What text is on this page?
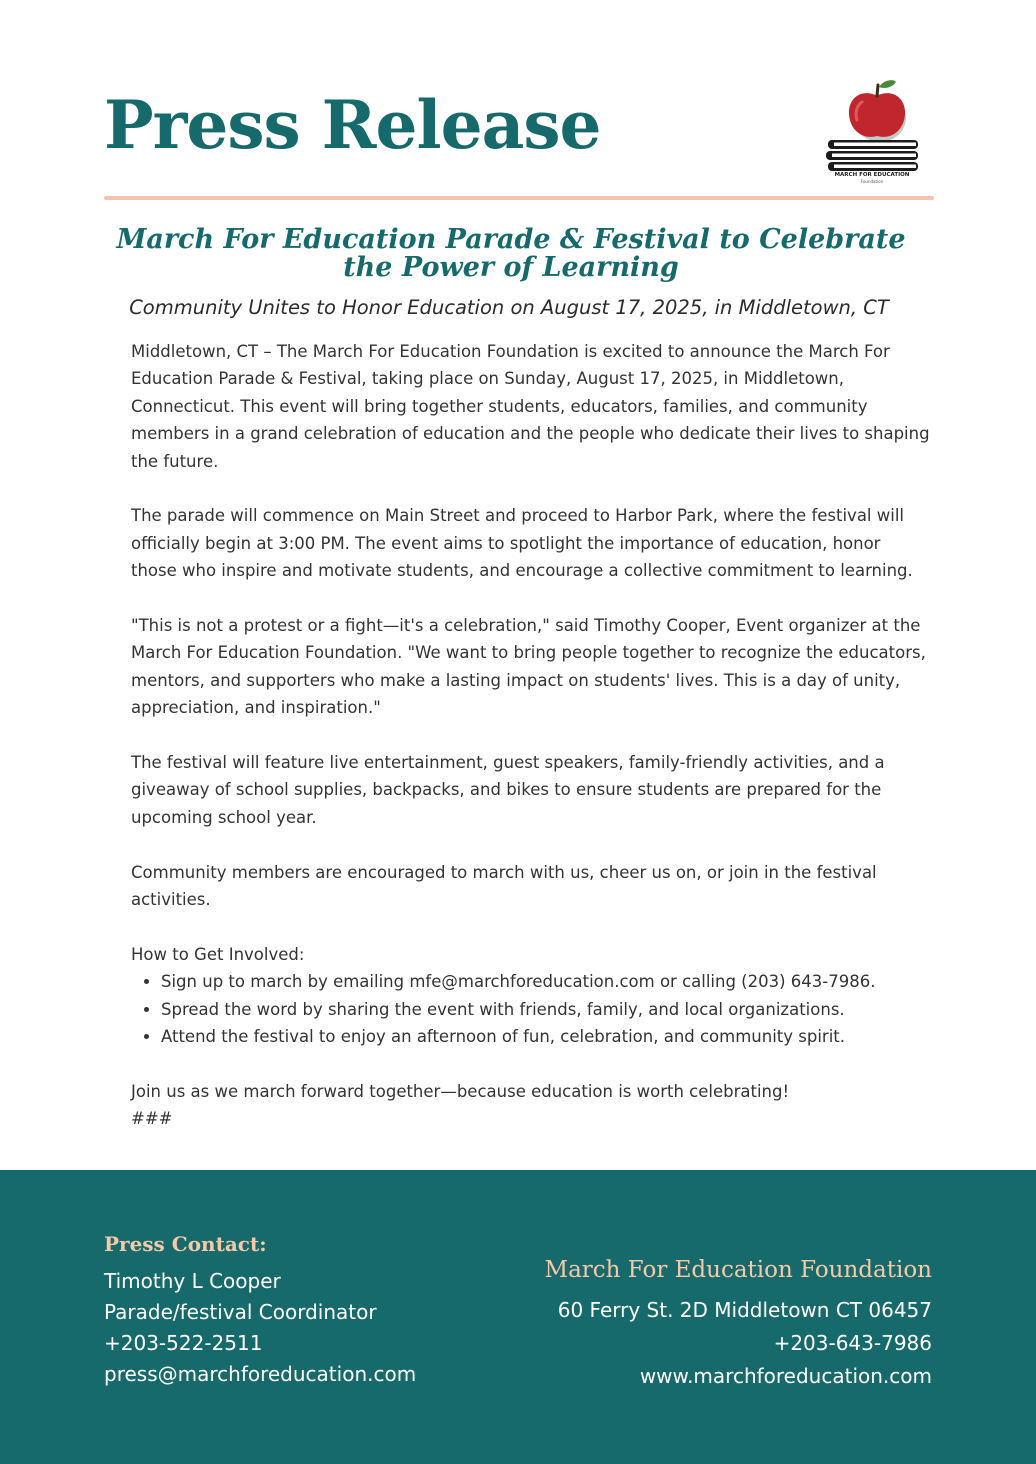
Press Release
MARCH FOR EDUCATION
Foundation
March For Education Parade & Festival to Celebrate the Power of Learning

Community Unites to Honor Education on August 17, 2025, in Middletown, CT

Middletown, CT – The March For Education Foundation is excited to announce the March For Education Parade & Festival, taking place on Sunday, August 17, 2025, in Middletown, Connecticut. This event will bring together students, educators, families, and community members in a grand celebration of education and the people who dedicate their lives to shaping the future.

The parade will commence on Main Street and proceed to Harbor Park, where the festival will officially begin at 3:00 PM. The event aims to spotlight the importance of education, honor those who inspire and motivate students, and encourage a collective commitment to learning.

"This is not a protest or a fight—it's a celebration," said Timothy Cooper, Event organizer at the March For Education Foundation. "We want to bring people together to recognize the educators, mentors, and supporters who make a lasting impact on students' lives. This is a day of unity, appreciation, and inspiration."

The festival will feature live entertainment, guest speakers, family-friendly activities, and a giveaway of school supplies, backpacks, and bikes to ensure students are prepared for the upcoming school year.

Community members are encouraged to march with us, cheer us on, or join in the festival activities.

How to Get Involved:

• Sign up to march by emailing mfe@marchforeducation.com or calling (203) 643-7986.
• Spread the word by sharing the event with friends, family, and local organizations.
• Attend the festival to enjoy an afternoon of fun, celebration, and community spirit.

Join us as we march forward together—because education is worth celebrating!

###

Press Contact:
Timothy L Cooper
Parade/festival Coordinator
+203-522-2511
press@marchforeducation.com
March For Education Foundation
60 Ferry St. 2D Middletown CT 06457
+203-643-7986
www.marchforeducation.com
